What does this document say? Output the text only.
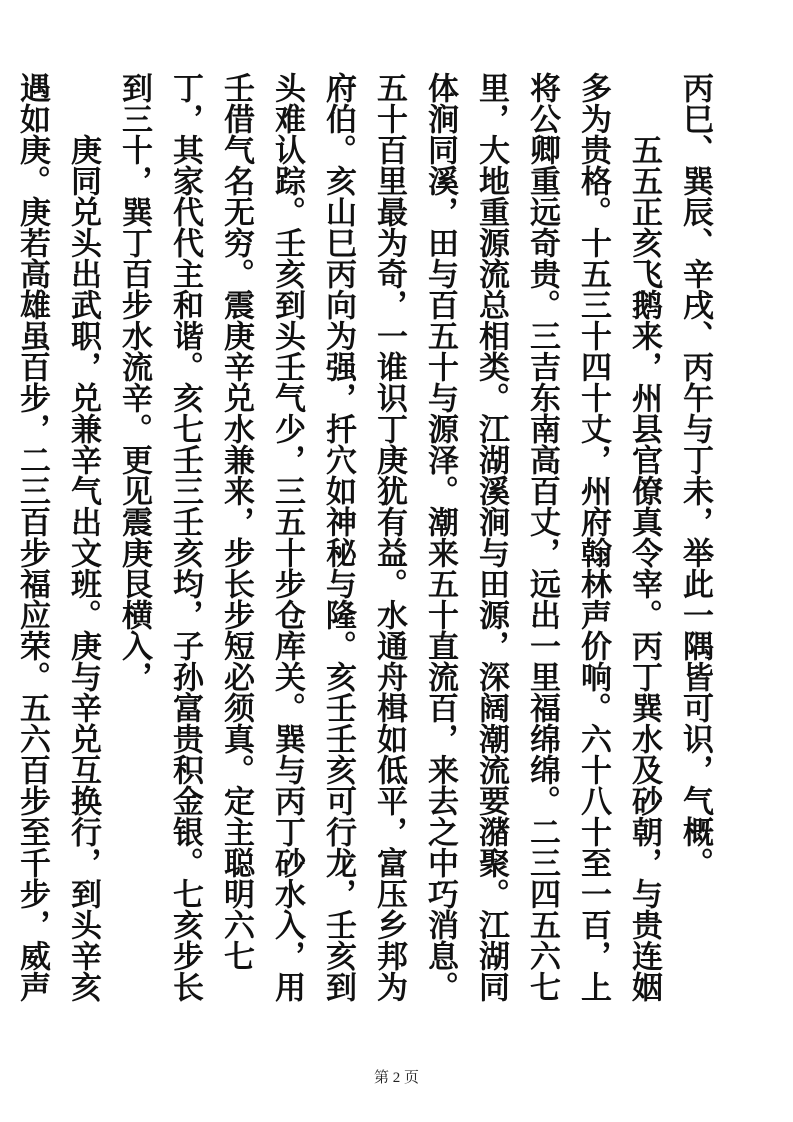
丙巳、巽辰、辛戌、丙午与丁未，举此一隅皆可识，气概。

五五正亥飞鹅来，州县官僚真令宰。丙丁巽水及砂朝，与贵连姻多为贵格。十五三十四十丈，州府翰林声价响。六十八十至一百，上将公卿重远奇贵。三吉东南高百丈，远出一里福绵绵。二三四五六七里，大地重源流总相类。江湖溪涧与田源，深阔潮流要潴聚。江湖同体涧同溪，田与百五十与源泽。潮来五十直流百，来去之中巧消息。五十百里最为奇，一谁识丁庚犹有益。水通舟楫如低平，富压乡邦为府伯。亥山巳丙向为强，扦穴如神秘与隆。亥壬壬亥可行龙，壬亥到头难认踪。壬亥到头壬气少，三五十步仓库关。巽与丙丁砂水入，用壬借气名无穷。震庚辛兑水兼来，步长步短必须真。定主聪明六七丁，其家代代主和谐。亥七壬三壬亥均，子孙富贵积金银。七亥步长到三十，巽丁百步水流辛。更见震庚艮横入，

庚同兑头出武职，兑兼辛气出文班。庚与辛兑互换行，到头辛亥遇如庚。庚若高雄虽百步，二三百步福应荣。五六百步至千步，威声

第 2 页
